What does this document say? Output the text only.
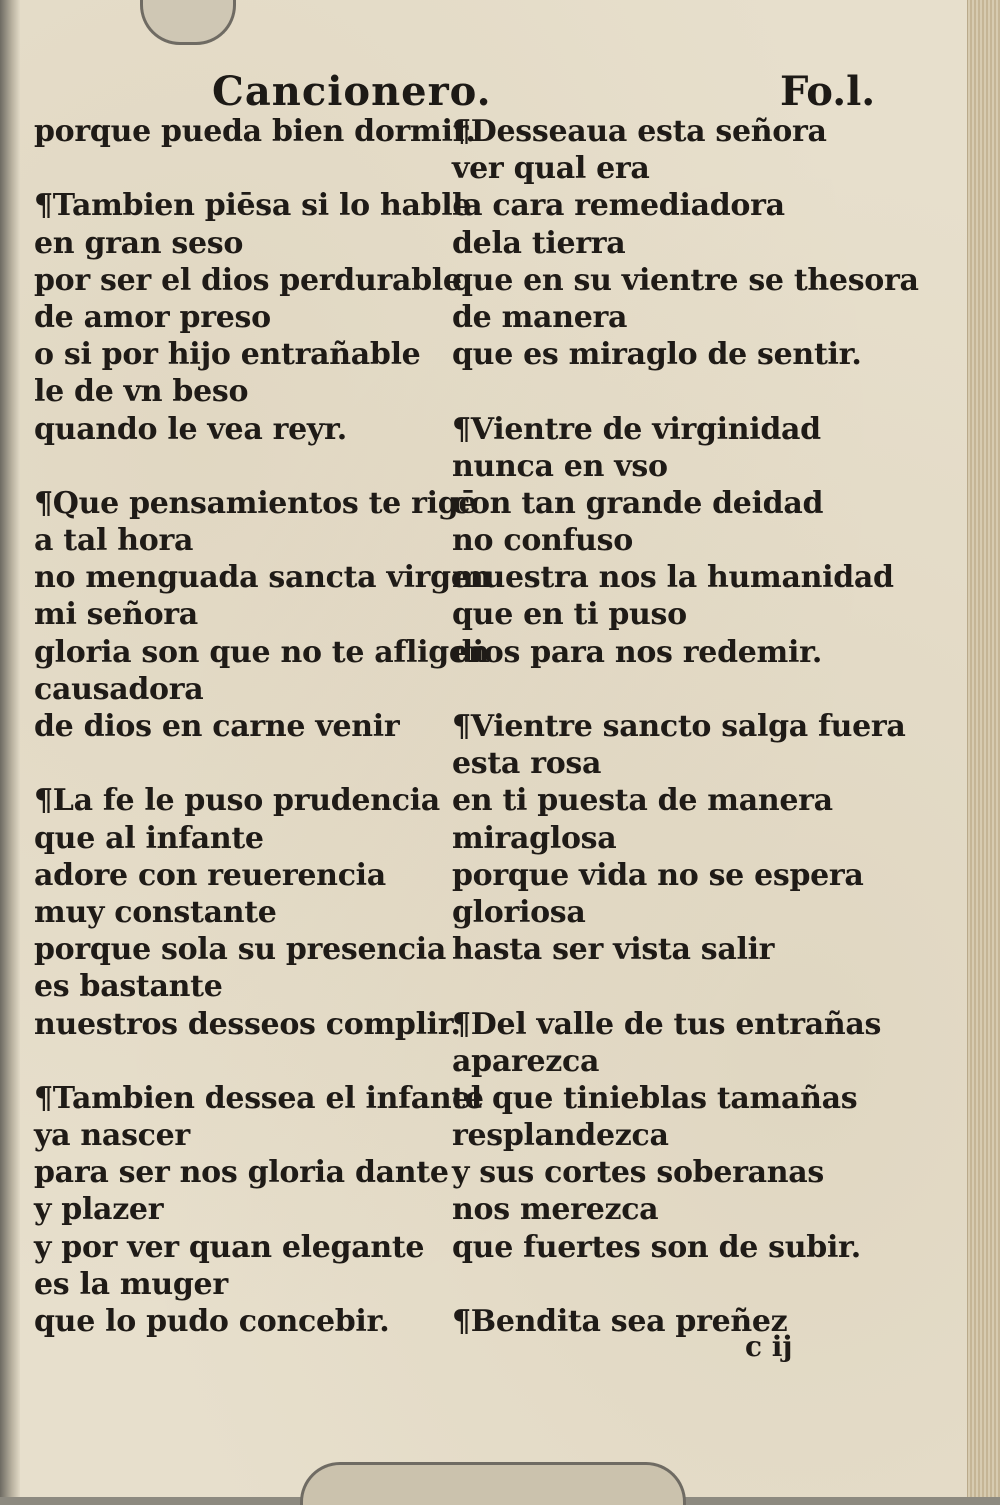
Cancionero.	Fo.l.
porque pueda bien dormir.
¶Tambien piēsa si lo hable
en gran seso
por ser el dios perdurable
de amor preso
o si por hijo entrañable
le de vn beso
quando le vea reyr.
¶Que pensamientos te rigē
a tal hora
no menguada sancta virgen
mi señora
gloria son que no te afligen
causadora
de dios en carne venir
¶La fe le puso prudencia
que al infante
adore con reuerencia
muy constante
porque sola su presencia
es bastante
nuestros desseos complir.
¶Tambien dessea el infante
ya nascer
para ser nos gloria dante
y plazer
y por ver quan elegante
es la muger
que lo pudo concebir.
¶Desseaua esta señora
ver qual era
la cara remediadora
dela tierra
que en su vientre se thesora
de manera
que es miraglo de sentir.
¶Vientre de virginidad
nunca en vso
con tan grande deidad
no confuso
muestra nos la humanidad
que en ti puso
dios para nos redemir.
¶Vientre sancto salga fuera
esta rosa
en ti puesta de manera
miraglosa
porque vida no se espera
gloriosa
hasta ser vista salir
¶Del valle de tus entrañas
aparezca
el que tinieblas tamañas
resplandezca
y sus cortes soberanas
nos merezca
que fuertes son de subir.
¶Bendita sea preñez
c ij
